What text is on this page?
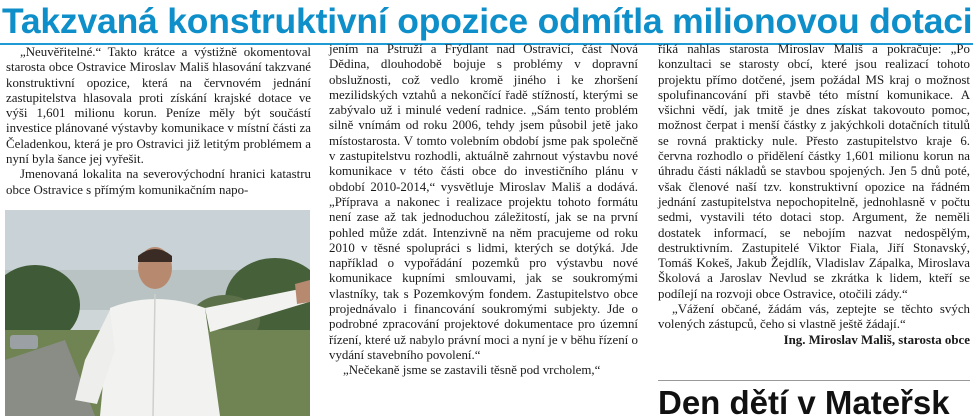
Takzvaná konstruktivní opozice odmítla milionovou dotaci

„Neuvěřitelné.“ Takto krátce a výstižně okomentoval starosta obce Ostravice Miroslav Mališ hlasování takzvané konstruktivní opozice, která na červnovém jednání zastupitelstva hlasovala proti získání krajské dotace ve výši 1,601 milionu korun. Peníze měly být součástí investice plánované výstavby komunikace v místní části za Čeladenkou, která je pro Ostravici již letitým problémem a nyní byla šance jej vyřešit.

Jmenovaná lokalita na severovýchodní hranici katastru obce Ostravice s přímým komunikačním napo-

jením na Pstruží a Frýdlant nad Ostravicí, část Nová Dědina, dlouhodobě bojuje s problémy v dopravní obslužnosti, což vedlo kromě jiného i ke zhoršení mezilidských vztahů a nekončící řadě stížností, kterými se zabývalo už i minulé vedení radnice. „Sám tento problém silně vnímám od roku 2006, tehdy jsem působil jetě jako místostarosta. V tomto volebním období jsme pak společně v zastupitelstvu rozhodli, aktuálně zahrnout výstavbu nové komunikace v této části obce do investičního plánu v období 2010-2014,“ vysvětluje Miroslav Mališ a dodává. „Příprava a nakonec i realizace projektu tohoto formátu není zase až tak jednoduchou záležitostí, jak se na první pohled může zdát. Intenzivně na něm pracujeme od roku 2010 v těsné spolupráci s lidmi, kterých se dotýká. Jde například o vypořádání pozemků pro výstavbu nové komunikace kupními smlouvami, jak se soukromými vlastníky, tak s Pozemkovým fondem. Zastupitelstvo obce projednávalo i financování soukromými subjekty. Jde o podrobné zpracování projektové dokumentace pro územní řízení, které už nabylo právní moci a nyní je v běhu řízení o vydání stavebního povolení.“

„Nečekaně jsme se zastavili těsně pod vrcholem,“

říká nahlas starosta Miroslav Mališ a pokračuje: „Po konzultaci se starosty obcí, které jsou realizací tohoto projektu přímo dotčené, jsem požádal MS kraj o možnost spolufinancování při stavbě této místní komunikace. A všichni vědí, jak tmitě je dnes získat takovouto pomoc, možnost čerpat i menší částky z jakýchkoli dotačních titulů se rovná prakticky nule. Přesto zastupitelstvo kraje 6. června rozhodlo o přidělení částky 1,601 milionu korun na úhradu části nákladů se stavbou spojených. Jen 5 dnů poté, však členové naší tzv. konstruktivní opozice na řádném jednání zastupitelstva nepochopitelně, jednohlasně v počtu sedmi, vystavili této dotaci stop. Argument, že neměli dostatek informací, se nebojím nazvat nedospělým, destruktivním. Zastupitelé Viktor Fiala, Jiří Stonavský, Tomáš Kokeš, Jakub Žejdlík, Vladislav Zápalka, Miroslava Školová a Jaroslav Nevlud se zkrátka k lidem, kteří se podílejí na rozvoji obce Ostravice, otočili zády.“

„Vážení občané, žádám vás, zeptejte se těchto svých volených zástupců, čeho si vlastně ještě žádají.“

Ing. Miroslav Mališ, starosta obce

Den dětí v Mateřsk
